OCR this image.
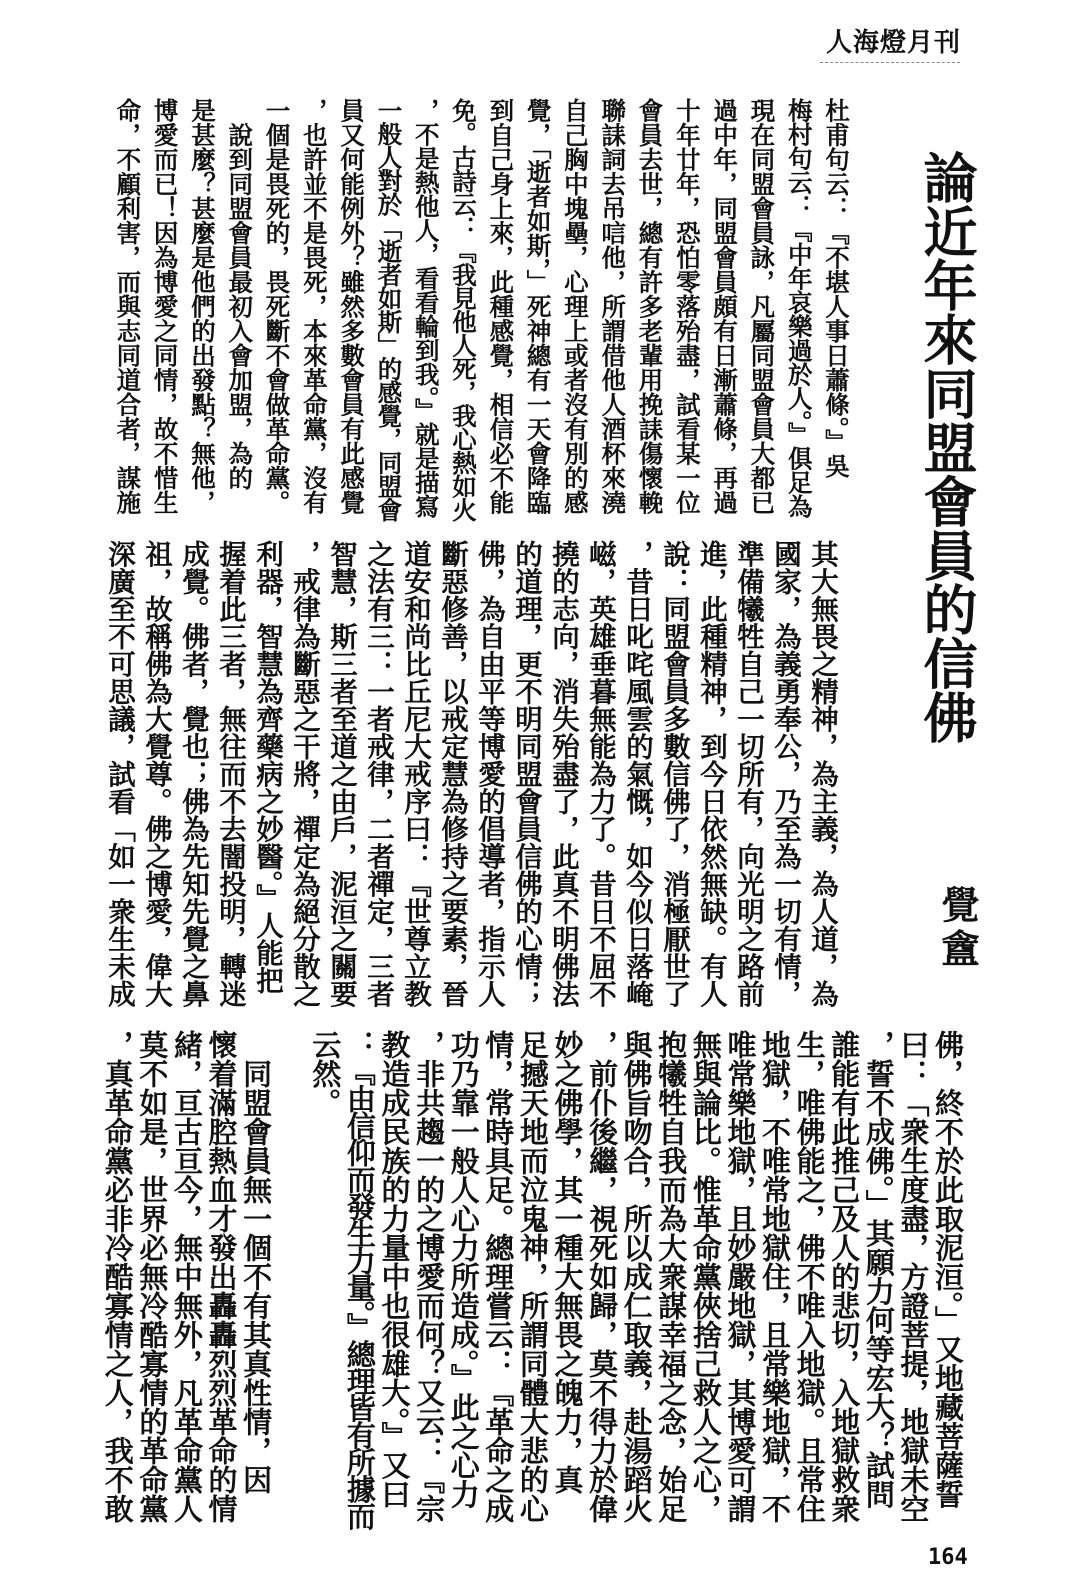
人海燈月刊
論近年來同盟會員的信佛
覺盦
杜甫句云：『不堪人事日蕭條。』吳
梅村句云：『中年哀樂過於人。』俱足為
現在同盟會員詠，凡屬同盟會員大都已
過中年，同盟會員頗有日漸蕭條，再過
十年廿年，恐怕零落殆盡，試看某一位
會員去世，總有許多老輩用挽誄傷懷輓
聯誄詞去吊唁他，所謂借他人酒杯來澆
自己胸中塊壘，心理上或者沒有別的感
覺，「逝者如斯，」死神總有一天會降臨
到自己身上來，此種感覺，相信必不能
免。古詩云：『我見他人死，我心熱如火
，不是熱他人，看看輪到我。』就是描寫
一般人對於「逝者如斯」的感覺，同盟會
員又何能例外？雖然多數會員有此感覺
，也許並不是畏死，本來革命黨，沒有
一個是畏死的，畏死斷不會做革命黨。
　說到同盟會員最初入會加盟，為的
是甚麼？甚麼是他們的出發點？無他，
博愛而已！因為博愛之同情，故不惜生
命，不顧利害，而與志同道合者，謀施
其大無畏之精神，為主義，為人道，為
國家，為義勇奉公，乃至為一切有情，
準備犧牲自己一切所有，向光明之路前
進，此種精神，到今日依然無缺。有人
說：同盟會員多數信佛了，消極厭世了
，昔日叱咤風雲的氣慨，如今似日落崦
嵫，英雄垂暮無能為力了。昔日不屈不
撓的志向，消失殆盡了，此真不明佛法
的道理，更不明同盟會員信佛的心情；
佛，為自由平等博愛的倡導者，指示人
斷惡修善，以戒定慧為修持之要素，晉
道安和尚比丘尼大戒序曰：『世尊立教
之法有三：一者戒律，二者禪定，三者
智慧，斯三者至道之由戶，泥洹之關要
，戒律為斷惡之干將，禪定為絕分散之
利器，智慧為齊藥病之妙醫。』人能把
握着此三者，無往而不去闇投明，轉迷
成覺。佛者，覺也；佛為先知先覺之鼻
祖，故稱佛為大覺尊。佛之博愛，偉大
深廣至不可思議，試看「如一衆生未成
佛，終不於此取泥洹。」又地藏菩薩誓
曰：「衆生度盡，方證菩提，地獄未空
，誓不成佛。」其願力何等宏大？試問
誰能有此推己及人的悲切，入地獄救衆
生，唯佛能之，佛不唯入地獄。且常住
地獄，不唯常地獄住，且常樂地獄，不
唯常樂地獄，且妙嚴地獄，其博愛可謂
無與論比。惟革命黨俠捨己救人之心，
抱犧牲自我而為大衆謀幸福之念，始足
與佛旨吻合，所以成仁取義，赴湯蹈火
，前仆後繼，視死如歸，莫不得力於偉
妙之佛學，其一種大無畏之魄力，真
足撼天地而泣鬼神，所謂同體大悲的心
情，常時具足。總理嘗云：『革命之成
功乃靠一般人心力所造成。』此之心力
，非共趨一的之博愛而何？又云：『宗
教造成民族的力量中也很雄大。』又曰
：『由信仰而發生力量。』總理皆有所據而
云然。
　同盟會員無一個不有其真性情，因
懷着滿腔熱血才發出轟轟烈烈革命的情
緒，亘古亘今，無中無外，凡革命黨人
莫不如是，世界必無冷酷寡情的革命黨
，真革命黨必非冷酷寡情之人，我不敢
164
